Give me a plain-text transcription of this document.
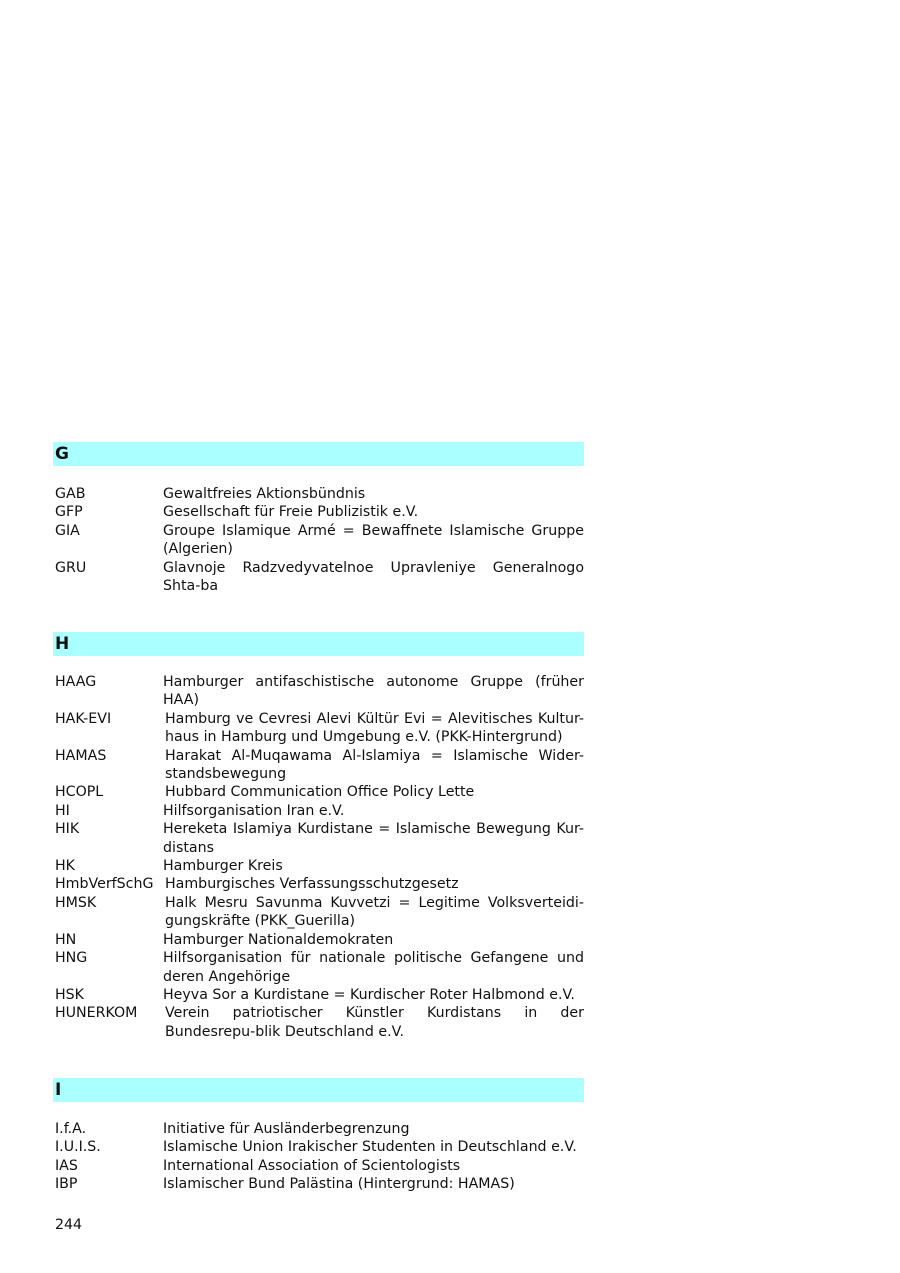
G
GAB	Gewaltfreies Aktionsbündnis
GFP	Gesellschaft für Freie Publizistik e.V.
GIA	Groupe Islamique Armé = Bewaffnete Islamische Gruppe (Algerien)
GRU	Glavnoje Radzvedyvatelnoe Upravleniye Generalnogo Shta-ba
H
HAAG	Hamburger antifaschistische autonome Gruppe (früher HAA)
HAK-EVI	Hamburg ve Cevresi Alevi Kültür Evi = Alevitisches Kultur-haus in Hamburg und Umgebung e.V. (PKK-Hintergrund)
HAMAS	Harakat Al-Muqawama Al-Islamiya = Islamische Wider-standsbewegung
HCOPL	Hubbard Communication Office Policy Lette
HI	Hilfsorganisation Iran e.V.
HIK	Hereketa Islamiya Kurdistane = Islamische Bewegung Kur-distans
HK	Hamburger Kreis
HmbVerfSchG Hamburgisches Verfassungsschutzgesetz
HMSK	Halk Mesru Savunma Kuvvetzi = Legitime Volksverteidi-gungskräfte (PKK_Guerilla)
HN	Hamburger Nationaldemokraten
HNG	Hilfsorganisation für nationale politische Gefangene und deren Angehörige
HSK	Heyva Sor a Kurdistane = Kurdischer Roter Halbmond e.V.
HUNERKOM	Verein patriotischer Künstler Kurdistans in der Bundesrepu-blik Deutschland e.V.
I
I.f.A.	Initiative für Ausländerbegrenzung
I.U.I.S.	Islamische Union Irakischer Studenten in Deutschland e.V.
IAS	International Association of Scientologists
IBP	Islamischer Bund Palästina (Hintergrund: HAMAS)
244
